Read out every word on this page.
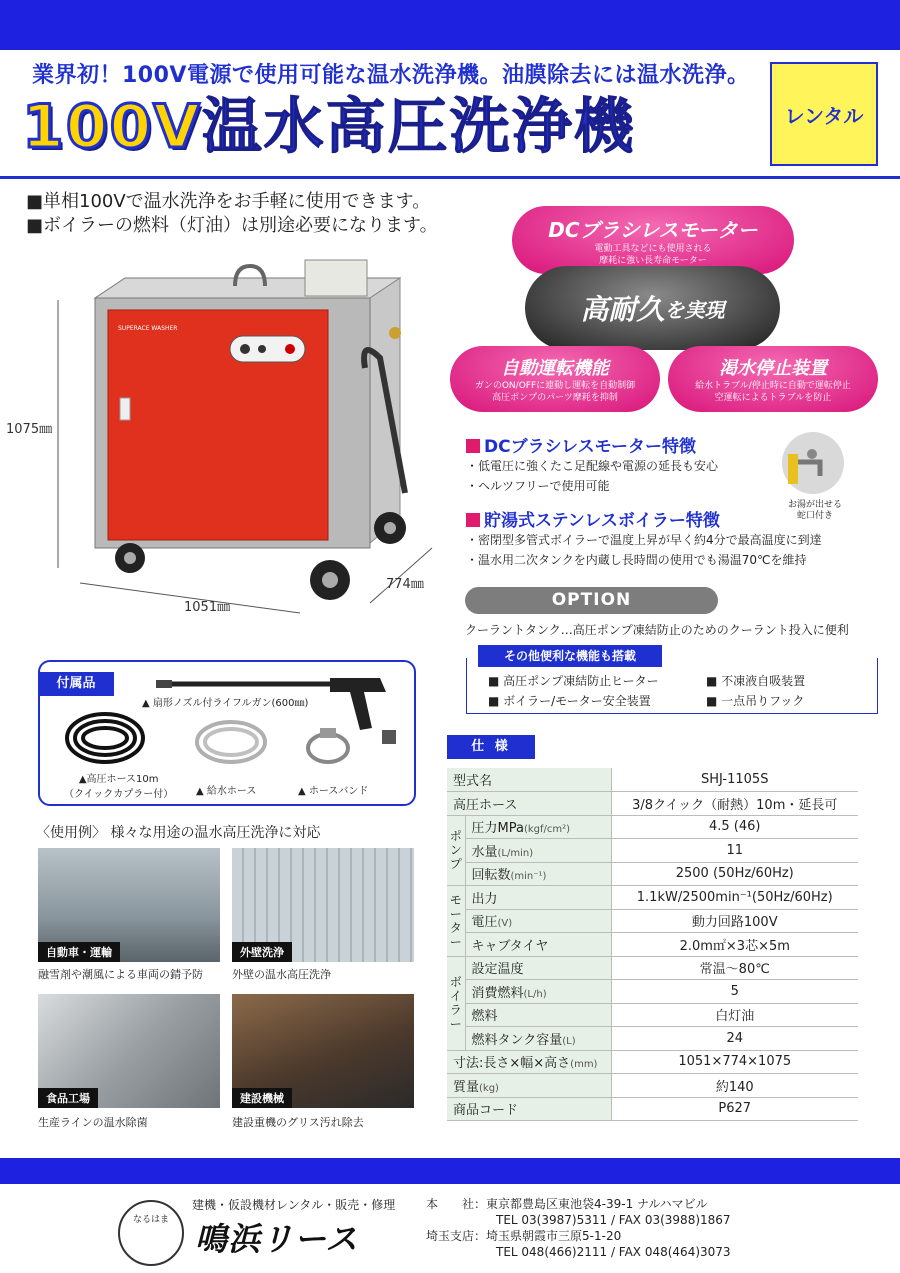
業界初！100V電源で使用可能な温水洗浄機。油膜除去には温水洗浄。
100V温水高圧洗浄機	レンタル
■単相100Vで温水洗浄をお手軽に使用できます。
■ボイラーの燃料（灯油）は別途必要になります。
SUPERACE WASHER
1075㎜
1051㎜
774㎜
DCブラシレスモーター
電動工具などにも使用される
摩耗に強い長寿命モーター
高耐久 を実現
自動運転機能
ガンのON/OFFに連動し運転を自動制御
高圧ポンプのパーツ摩耗を抑制
渇水停止装置
給水トラブル/停止時に自動で運転停止
空運転によるトラブルを防止
DCブラシレスモーター特徴
・低電圧に強くたこ足配線や電源の延長も安心
・ヘルツフリーで使用可能
貯湯式ステンレスボイラー特徴
・密閉型多管式ボイラーで温度上昇が早く約4分で最高温度に到達
・温水用二次タンクを内蔵し長時間の使用でも湯温70℃を維持
お湯が出せる
蛇口付き
OPTION
クーラントタンク…高圧ポンプ凍結防止のためのクーラント投入に便利
その他便利な機能も搭載
■ 高圧ポンプ凍結防止ヒーター	■ 不凍液自吸装置
■ ボイラー/モーター安全装置	■ 一点吊りフック
付属品
▲ 扇形ノズル付ライフルガン(600㎜)
▲高圧ホース10m
（クイックカプラー付） ▲ 給水ホース	▲ ホースバンド
〈使用例〉 様々な用途の温水高圧洗浄に対応
自動車・運輸
融雪剤や潮風による車両の錆予防
外壁洗浄
外壁の温水高圧洗浄
食品工場
生産ラインの温水除菌
建設機械
建設重機のグリス汚れ除去
仕 様
型式名		SHJ-1105S
高圧ホース		3/8クイック（耐熱）10m・延長可
ポンプ	圧力MPa(kgf/cm²)	4.5 (46)
	水量(L/min)	11
	回転数(min⁻¹)	2500 (50Hz/60Hz)
モーター	出力	1.1kW/2500min⁻¹(50Hz/60Hz)
	電圧(V)	動力回路100V
	キャブタイヤ	2.0m㎡×3芯×5m
ボイラー	設定温度	常温～80℃
	消費燃料(L/h)	5
	燃料	白灯油
	燃料タンク容量(L)	24
寸法:長さ×幅×高さ(mm)		1051×774×1075
質量(kg)		約140
商品コード		P627
なるはま
建機・仮設機材レンタル・販売・修理
鳴浜リース
本　　社：東京都豊島区東池袋4-39-1 ナルハマビル
TEL 03(3987)5311 / FAX 03(3988)1867
埼玉支店：埼玉県朝霞市三原5-1-20
TEL 048(466)2111 / FAX 048(464)3073
